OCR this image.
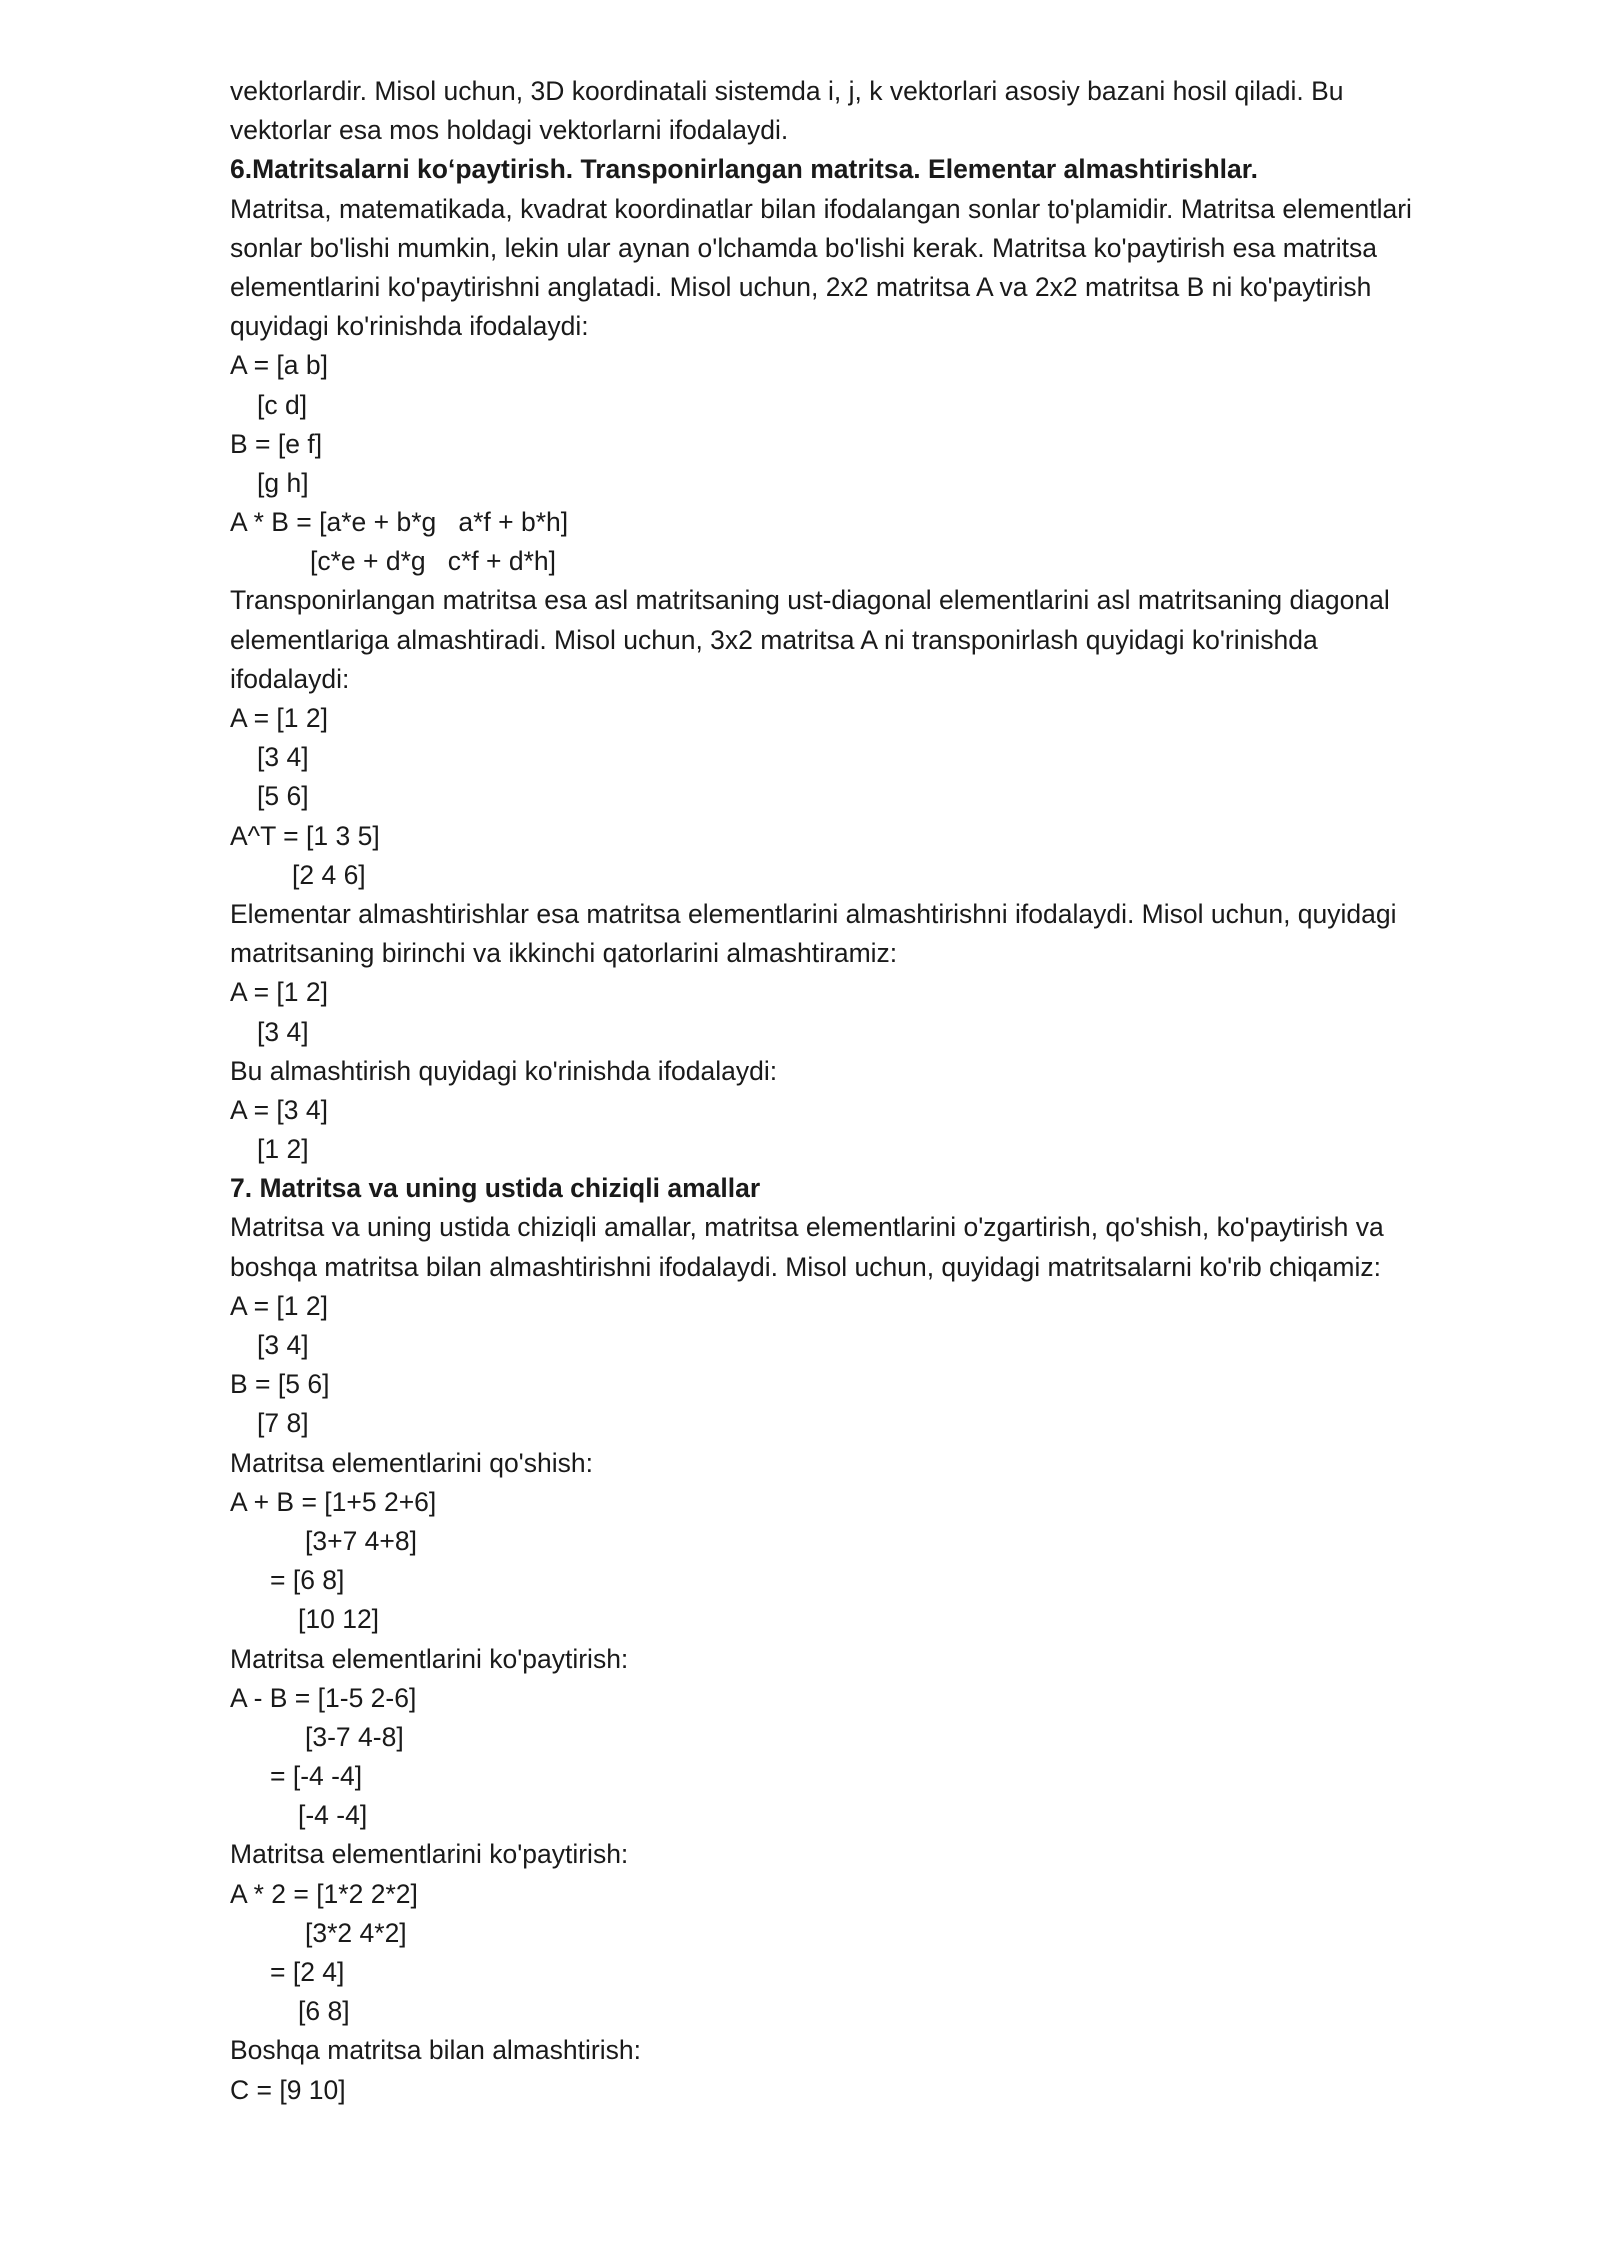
vektorlardir. Misol uchun, 3D koordinatali sistemda i, j, k vektorlari asosiy bazani hosil qiladi. Bu
vektorlar esa mos holdagi vektorlarni ifodalaydi.
6.Matritsalarni ko‘paytirish. Transponirlangan matritsa. Elementar almashtirishlar.
Matritsa, matematikada, kvadrat koordinatlar bilan ifodalangan sonlar to'plamidir. Matritsa elementlari
sonlar bo'lishi mumkin, lekin ular aynan o'lchamda bo'lishi kerak. Matritsa ko'paytirish esa matritsa
elementlarini ko'paytirishni anglatadi. Misol uchun, 2x2 matritsa A va 2x2 matritsa B ni ko'paytirish
quyidagi ko'rinishda ifodalaydi:
A = [a b]
[c d]
B = [e f]
[g h]
A * B = [a*e + b*g   a*f + b*h]
[c*e + d*g   c*f + d*h]
Transponirlangan matritsa esa asl matritsaning ust-diagonal elementlarini asl matritsaning diagonal
elementlariga almashtiradi. Misol uchun, 3x2 matritsa A ni transponirlash quyidagi ko'rinishda
ifodalaydi:
A = [1 2]
[3 4]
[5 6]
A^T = [1 3 5]
[2 4 6]
Elementar almashtirishlar esa matritsa elementlarini almashtirishni ifodalaydi. Misol uchun, quyidagi
matritsaning birinchi va ikkinchi qatorlarini almashtiramiz:
A = [1 2]
[3 4]
Bu almashtirish quyidagi ko'rinishda ifodalaydi:
A = [3 4]
[1 2]
7. Matritsa va uning ustida chiziqli amallar
Matritsa va uning ustida chiziqli amallar, matritsa elementlarini o'zgartirish, qo'shish, ko'paytirish va
boshqa matritsa bilan almashtirishni ifodalaydi. Misol uchun, quyidagi matritsalarni ko'rib chiqamiz:
A = [1 2]
[3 4]
B = [5 6]
[7 8]
Matritsa elementlarini qo'shish:
A + B = [1+5 2+6]
[3+7 4+8]
= [6 8]
[10 12]
Matritsa elementlarini ko'paytirish:
A - B = [1-5 2-6]
[3-7 4-8]
= [-4 -4]
[-4 -4]
Matritsa elementlarini ko'paytirish:
A * 2 = [1*2 2*2]
[3*2 4*2]
= [2 4]
[6 8]
Boshqa matritsa bilan almashtirish:
C = [9 10]
